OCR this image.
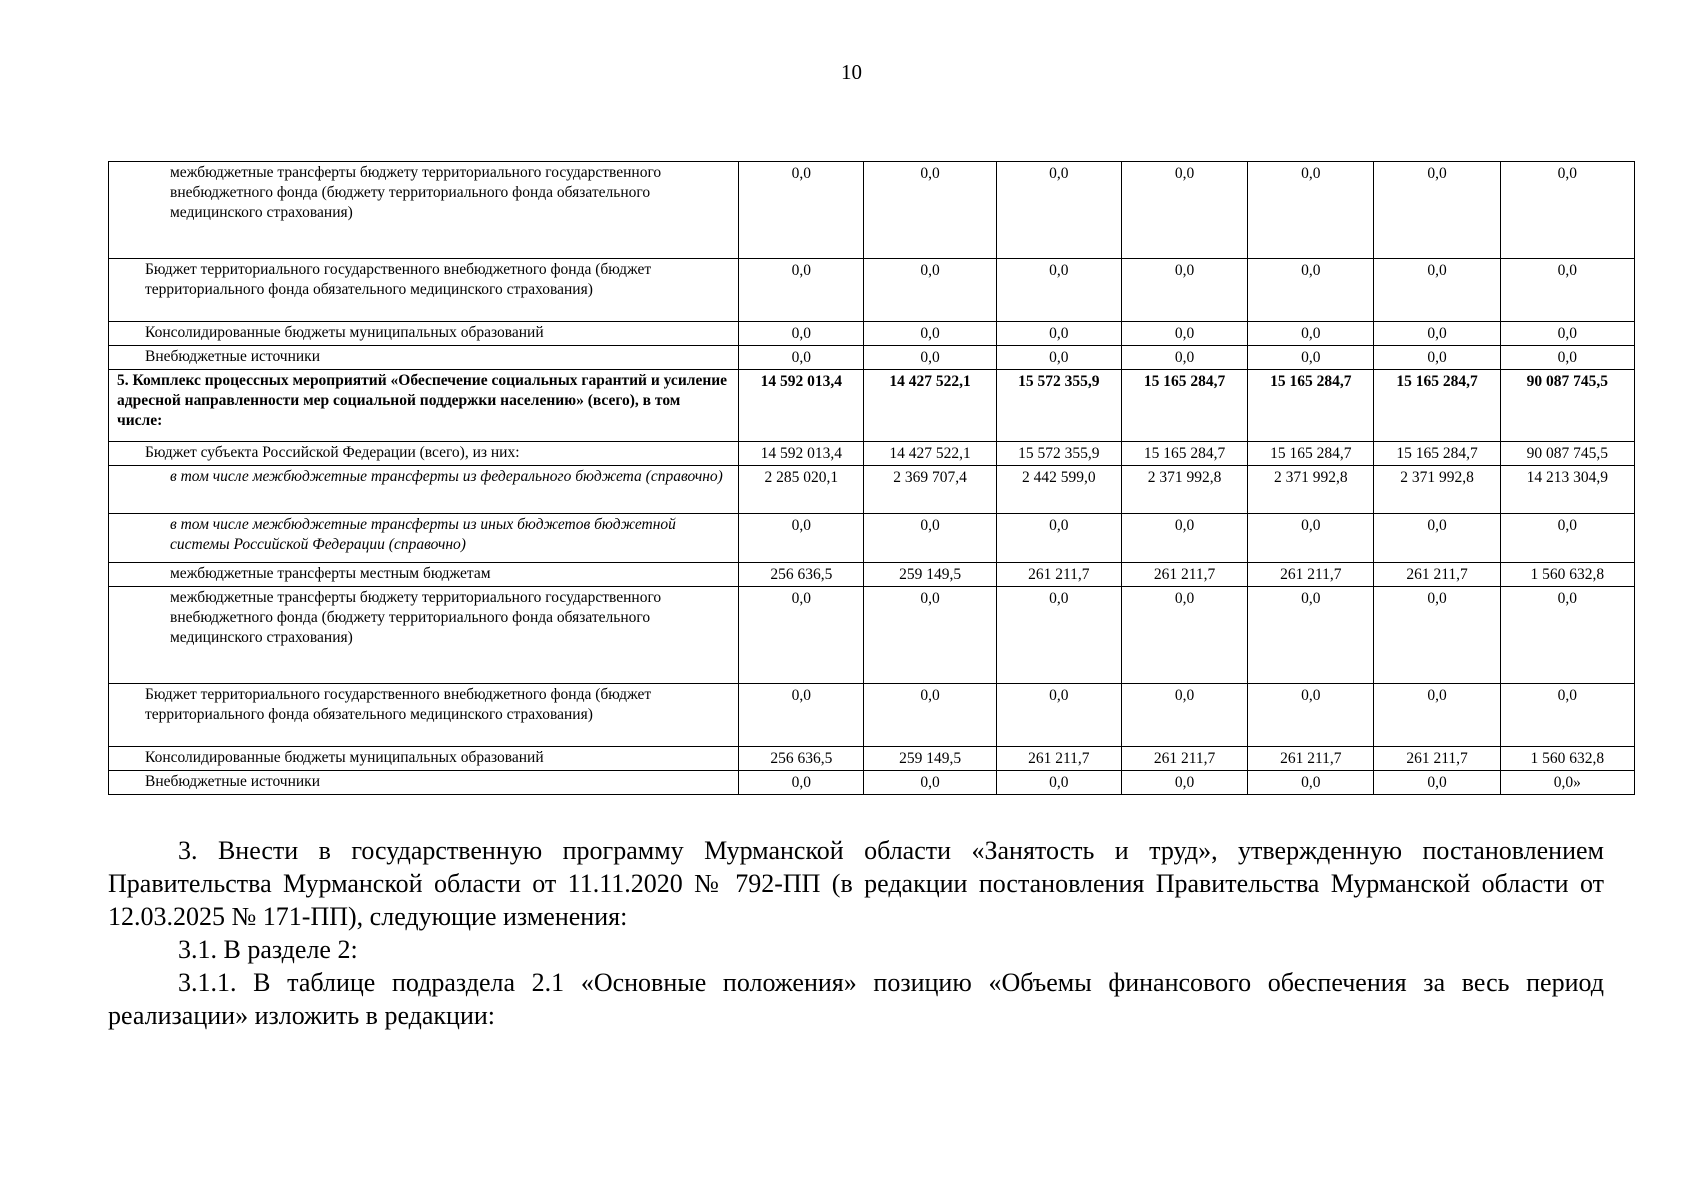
10
межбюджетные трансферты бюджету территориального государственного внебюджетного фонда (бюджету территориального фонда обязательного медицинского страхования)	0,0	0,0	0,0	0,0	0,0	0,0	0,0
Бюджет территориального государственного внебюджетного фонда (бюджет территориального фонда обязательного медицинского страхования)	0,0	0,0	0,0	0,0	0,0	0,0	0,0
Консолидированные бюджеты муниципальных образований	0,0	0,0	0,0	0,0	0,0	0,0	0,0
Внебюджетные источники	0,0	0,0	0,0	0,0	0,0	0,0	0,0
5. Комплекс процессных мероприятий «Обеспечение социальных гарантий и усиление адресной направленности мер социальной поддержки населению» (всего), в том числе:	14 592 013,4	14 427 522,1	15 572 355,9	15 165 284,7	15 165 284,7	15 165 284,7	90 087 745,5
Бюджет субъекта Российской Федерации (всего), из них:	14 592 013,4	14 427 522,1	15 572 355,9	15 165 284,7	15 165 284,7	15 165 284,7	90 087 745,5
в том числе межбюджетные трансферты из федерального бюджета (справочно)	2 285 020,1	2 369 707,4	2 442 599,0	2 371 992,8	2 371 992,8	2 371 992,8	14 213 304,9
в том числе межбюджетные трансферты из иных бюджетов бюджетной системы Российской Федерации (справочно)	0,0	0,0	0,0	0,0	0,0	0,0	0,0
межбюджетные трансферты местным бюджетам	256 636,5	259 149,5	261 211,7	261 211,7	261 211,7	261 211,7	1 560 632,8
межбюджетные трансферты бюджету территориального государственного внебюджетного фонда (бюджету территориального фонда обязательного медицинского страхования)	0,0	0,0	0,0	0,0	0,0	0,0	0,0
Бюджет территориального государственного внебюджетного фонда (бюджет территориального фонда обязательного медицинского страхования)	0,0	0,0	0,0	0,0	0,0	0,0	0,0
Консолидированные бюджеты муниципальных образований	256 636,5	259 149,5	261 211,7	261 211,7	261 211,7	261 211,7	1 560 632,8
Внебюджетные источники	0,0	0,0	0,0	0,0	0,0	0,0	0,0»

3. Внести в государственную программу Мурманской области «Занятость и труд», утвержденную постановлением Правительства Мурманской области от 11.11.2020 № 792-ПП (в редакции постановления Правительства Мурманской области от 12.03.2025 № 171-ПП), следующие изменения:

3.1. В разделе 2:

3.1.1. В таблице подраздела 2.1 «Основные положения» позицию «Объемы финансового обеспечения за весь период реализации» изложить в редакции:
